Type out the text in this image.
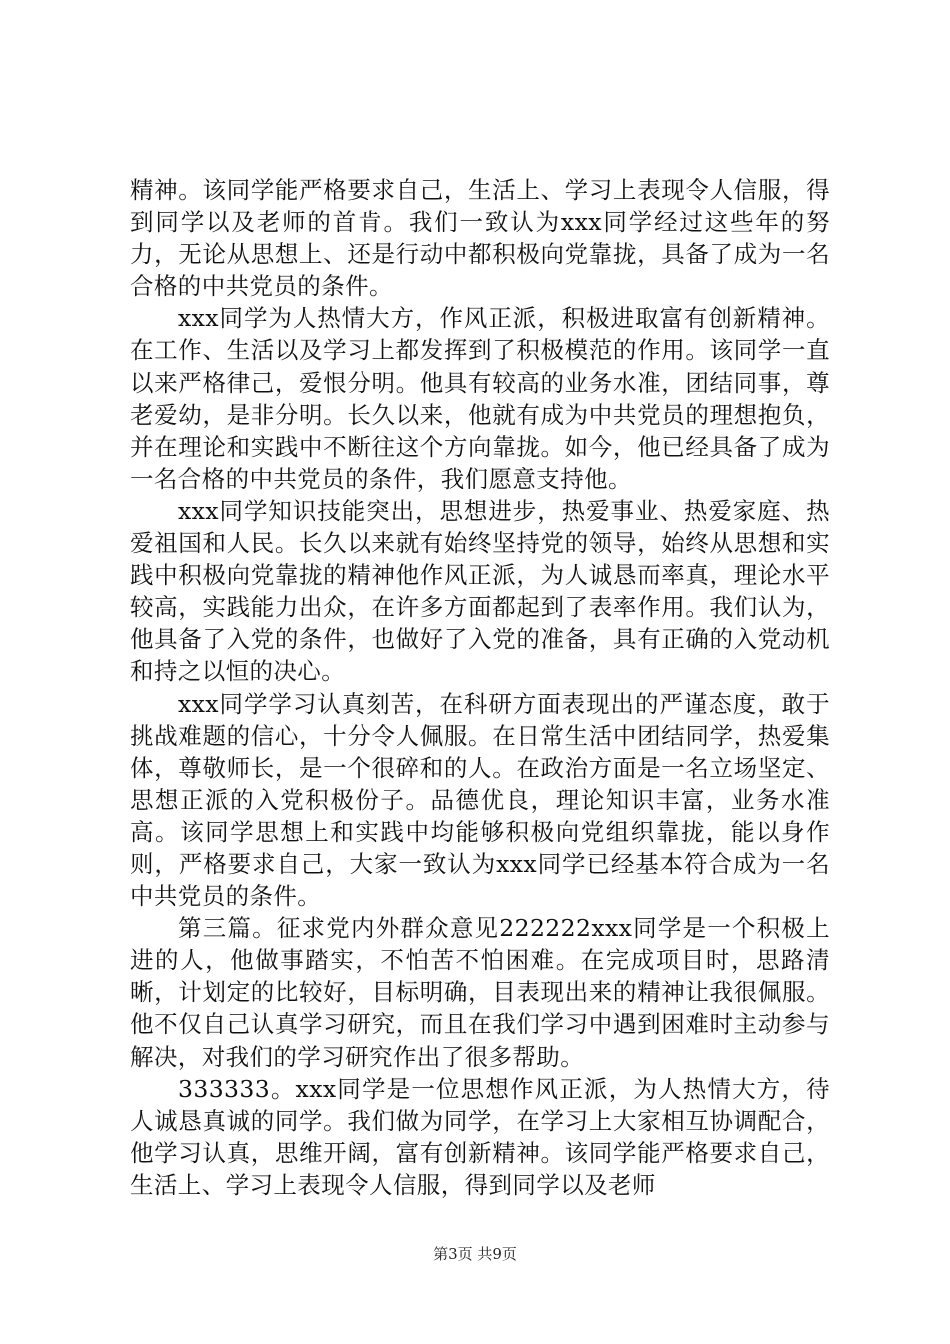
精神。该同学能严格要求自己，生活上、学习上表现令人信服，得到同学以及老师的首肯。我们一致认为xxx同学经过这些年的努力，无论从思想上、还是行动中都积极向党靠拢，具备了成为一名合格的中共党员的条件。

xxx同学为人热情大方，作风正派，积极进取富有创新精神。在工作、生活以及学习上都发挥到了积极模范的作用。该同学一直以来严格律己，爱恨分明。他具有较高的业务水准，团结同事，尊老爱幼，是非分明。长久以来，他就有成为中共党员的理想抱负，并在理论和实践中不断往这个方向靠拢。如今，他已经具备了成为一名合格的中共党员的条件，我们愿意支持他。

xxx同学知识技能突出，思想进步，热爱事业、热爱家庭、热爱祖国和人民。长久以来就有始终坚持党的领导，始终从思想和实践中积极向党靠拢的精神他作风正派，为人诚恳而率真，理论水平较高，实践能力出众，在许多方面都起到了表率作用。我们认为，他具备了入党的条件，也做好了入党的准备，具有正确的入党动机和持之以恒的决心。

xxx同学学习认真刻苦，在科研方面表现出的严谨态度，敢于挑战难题的信心，十分令人佩服。在日常生活中团结同学，热爱集体，尊敬师长，是一个很碎和的人。在政治方面是一名立场坚定、思想正派的入党积极份子。品德优良，理论知识丰富，业务水准高。该同学思想上和实践中均能够积极向党组织靠拢，能以身作则，严格要求自己，大家一致认为xxx同学已经基本符合成为一名中共党员的条件。

第三篇。征求党内外群众意见222222xxx同学是一个积极上进的人，他做事踏实，不怕苦不怕困难。在完成项目时，思路清晰，计划定的比较好，目标明确，目表现出来的精神让我很佩服。他不仅自己认真学习研究，而且在我们学习中遇到困难时主动参与解决，对我们的学习研究作出了很多帮助。

333333。xxx同学是一位思想作风正派，为人热情大方，待人诚恳真诚的同学。我们做为同学，在学习上大家相互协调配合，他学习认真，思维开阔，富有创新精神。该同学能严格要求自己，生活上、学习上表现令人信服，得到同学以及老师

第3页 共9页
